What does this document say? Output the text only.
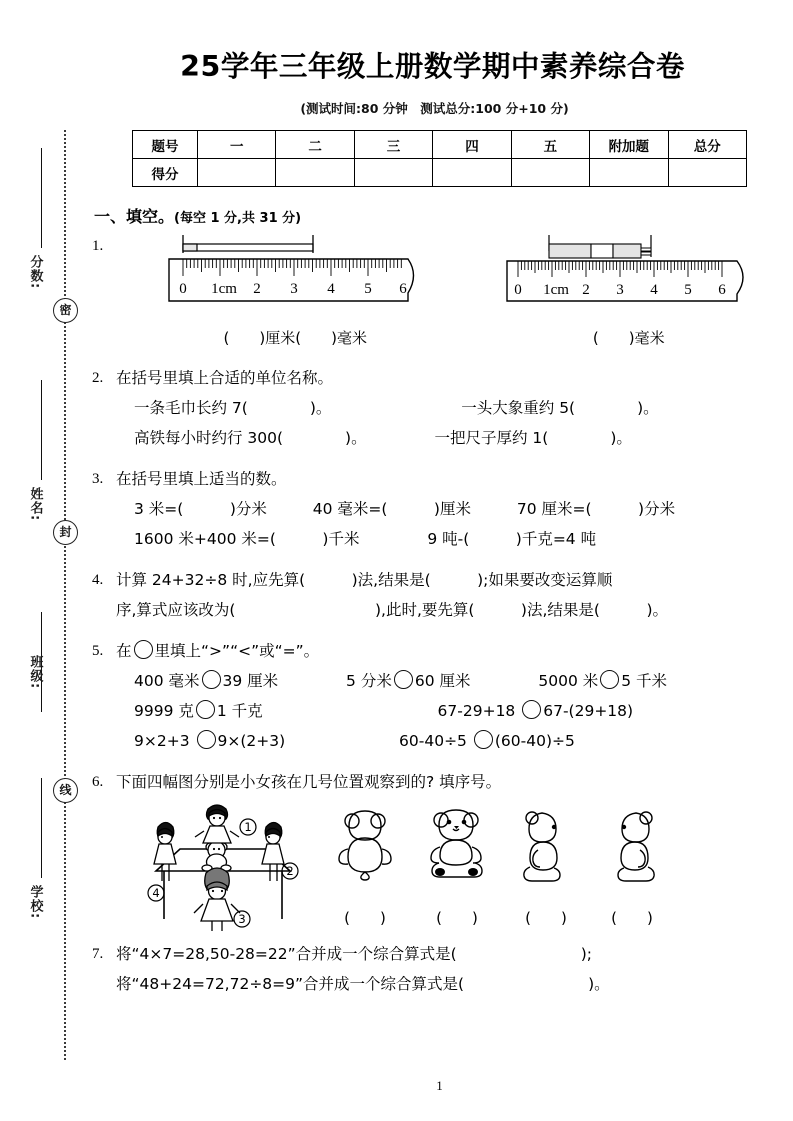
密
封
线
分数:
姓名:
班级:
学校:
25学年三年级上册数学期中素养综合卷
(测试时间:80 分钟　测试总分:100 分+10 分)
题号	一	二	三	四	五	附加题	总分
得分							
一、填空。(每空 1 分,共 31 分)
1.
0 1cm 2 3 4 5 6
(　　)厘米(　　)毫米
0 1cm 2 3 4 5 6
(　　)毫米
2. 在括号里填上合适的单位名称。
一条毛巾长约 7(　　　　)。	一头大象重约 5(　　　　)。
高铁每小时约行 300(　　　　)。	一把尺子厚约 1(　　　　)。
3. 在括号里填上适当的数。
3 米=(　　　)分米	40 毫米=(　　　)厘米	70 厘米=(　　　)分米
1600 米+400 米=(　　　)千米	9 吨-(　　　)千克=4 吨
4. 计算 24+32÷8 时,应先算(　　　)法,结果是(　　　);如果要改变运算顺
序,算式应该改为(　　　　　　　　　),此时,要先算(　　　)法,结果是(　　　)。
5. 在 里填上“>”“<”或“=”。
400 毫米 39 厘米	5 分米 60 厘米	5000 米 5 千米
9999 克 1 千克	67-29+18 67-(29+18)
9×2+3 9×(2+3)	60-40÷5 (60-40)÷5
6. 下面四幅图分别是小女孩在几号位置观察到的? 填序号。
1
2
3
4
(　　)	(　　)	(　　)	(　　)
7. 将“4×7=28,50-28=22”合并成一个综合算式是(　　　　　　　　);
将“48+24=72,72÷8=9”合并成一个综合算式是(　　　　　　　　)。
1
